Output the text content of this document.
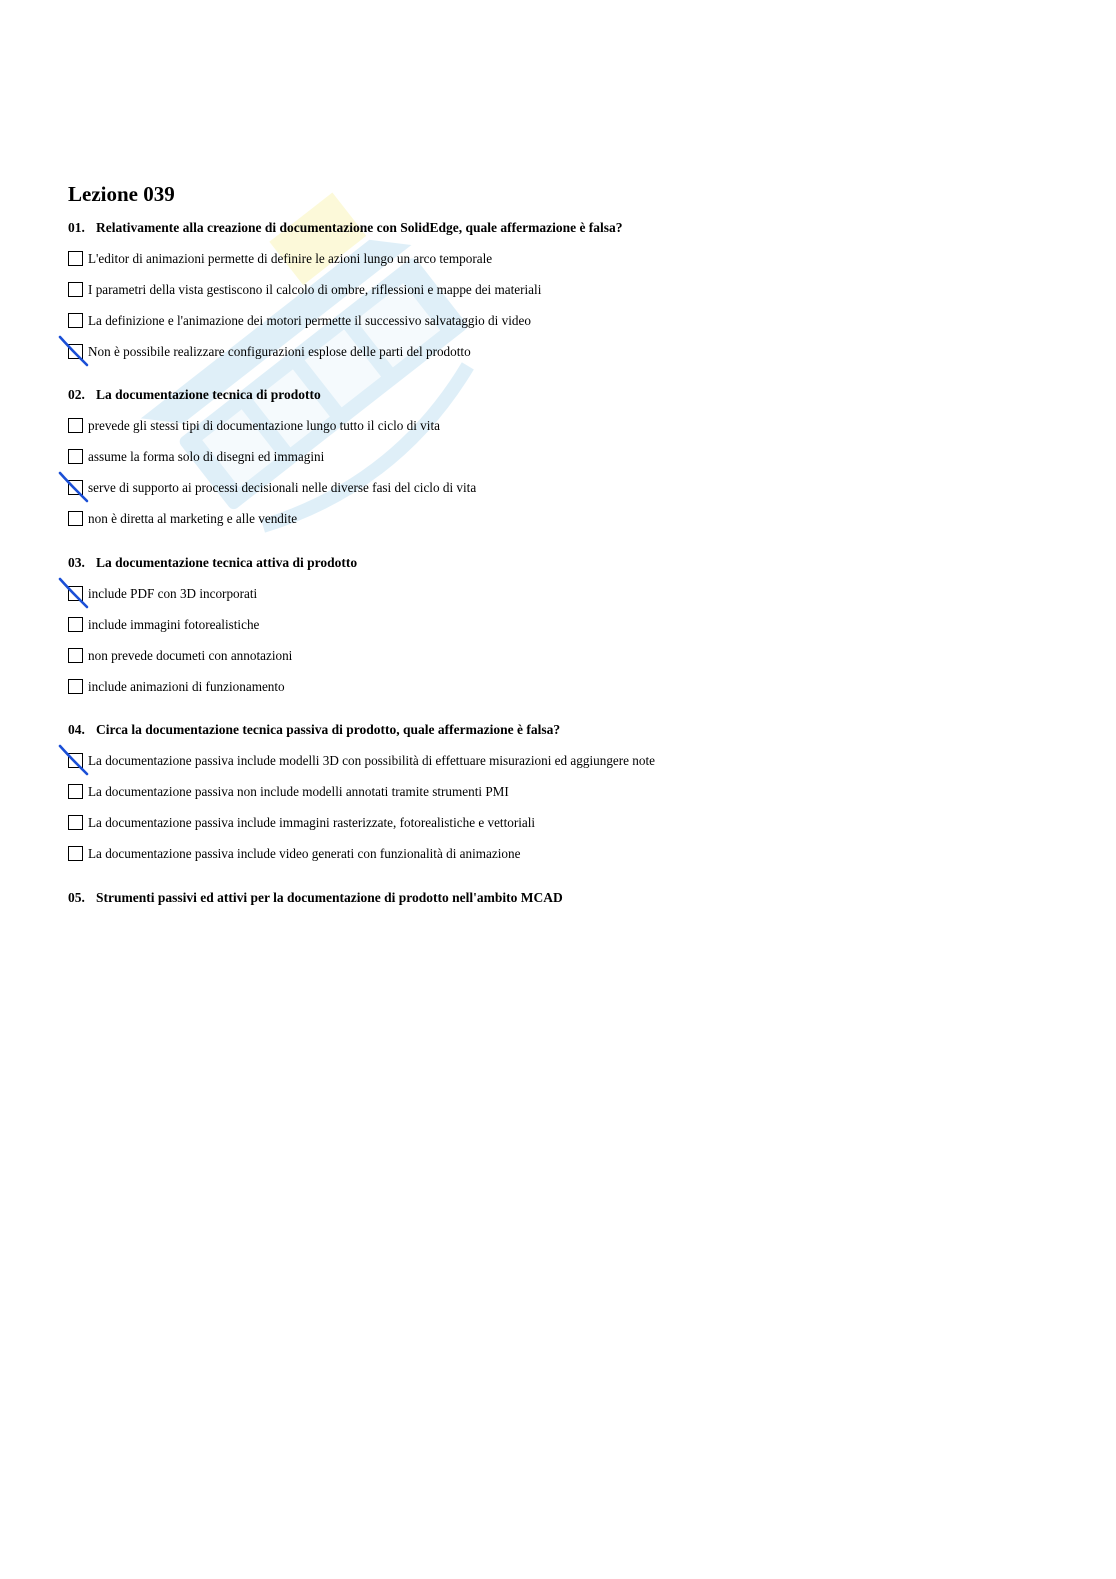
Lezione 039
01. Relativamente alla creazione di documentazione con SolidEdge, quale affermazione è falsa?
L'editor di animazioni permette di definire le azioni lungo un arco temporale
I parametri della vista gestiscono il calcolo di ombre, riflessioni e mappe dei materiali
La definizione e l'animazione dei motori permette il successivo salvataggio di video
Non è possibile realizzare configurazioni esplose delle parti del prodotto
02. La documentazione tecnica di prodotto
prevede gli stessi tipi di documentazione lungo tutto il ciclo di vita
assume la forma solo di disegni ed immagini
serve di supporto ai processi decisionali nelle diverse fasi del ciclo di vita
non è diretta al marketing e alle vendite
03. La documentazione tecnica attiva di prodotto
include PDF con 3D incorporati
include immagini fotorealistiche
non prevede documeti con annotazioni
include animazioni di funzionamento
04. Circa la documentazione tecnica passiva di prodotto, quale affermazione è falsa?
La documentazione passiva include modelli 3D con possibilità di effettuare misurazioni ed aggiungere note
La documentazione passiva non include modelli annotati tramite strumenti PMI
La documentazione passiva include immagini rasterizzate, fotorealistiche e vettoriali
La documentazione passiva include video generati con funzionalità di animazione
05. Strumenti passivi ed attivi per la documentazione di prodotto nell'ambito MCAD
